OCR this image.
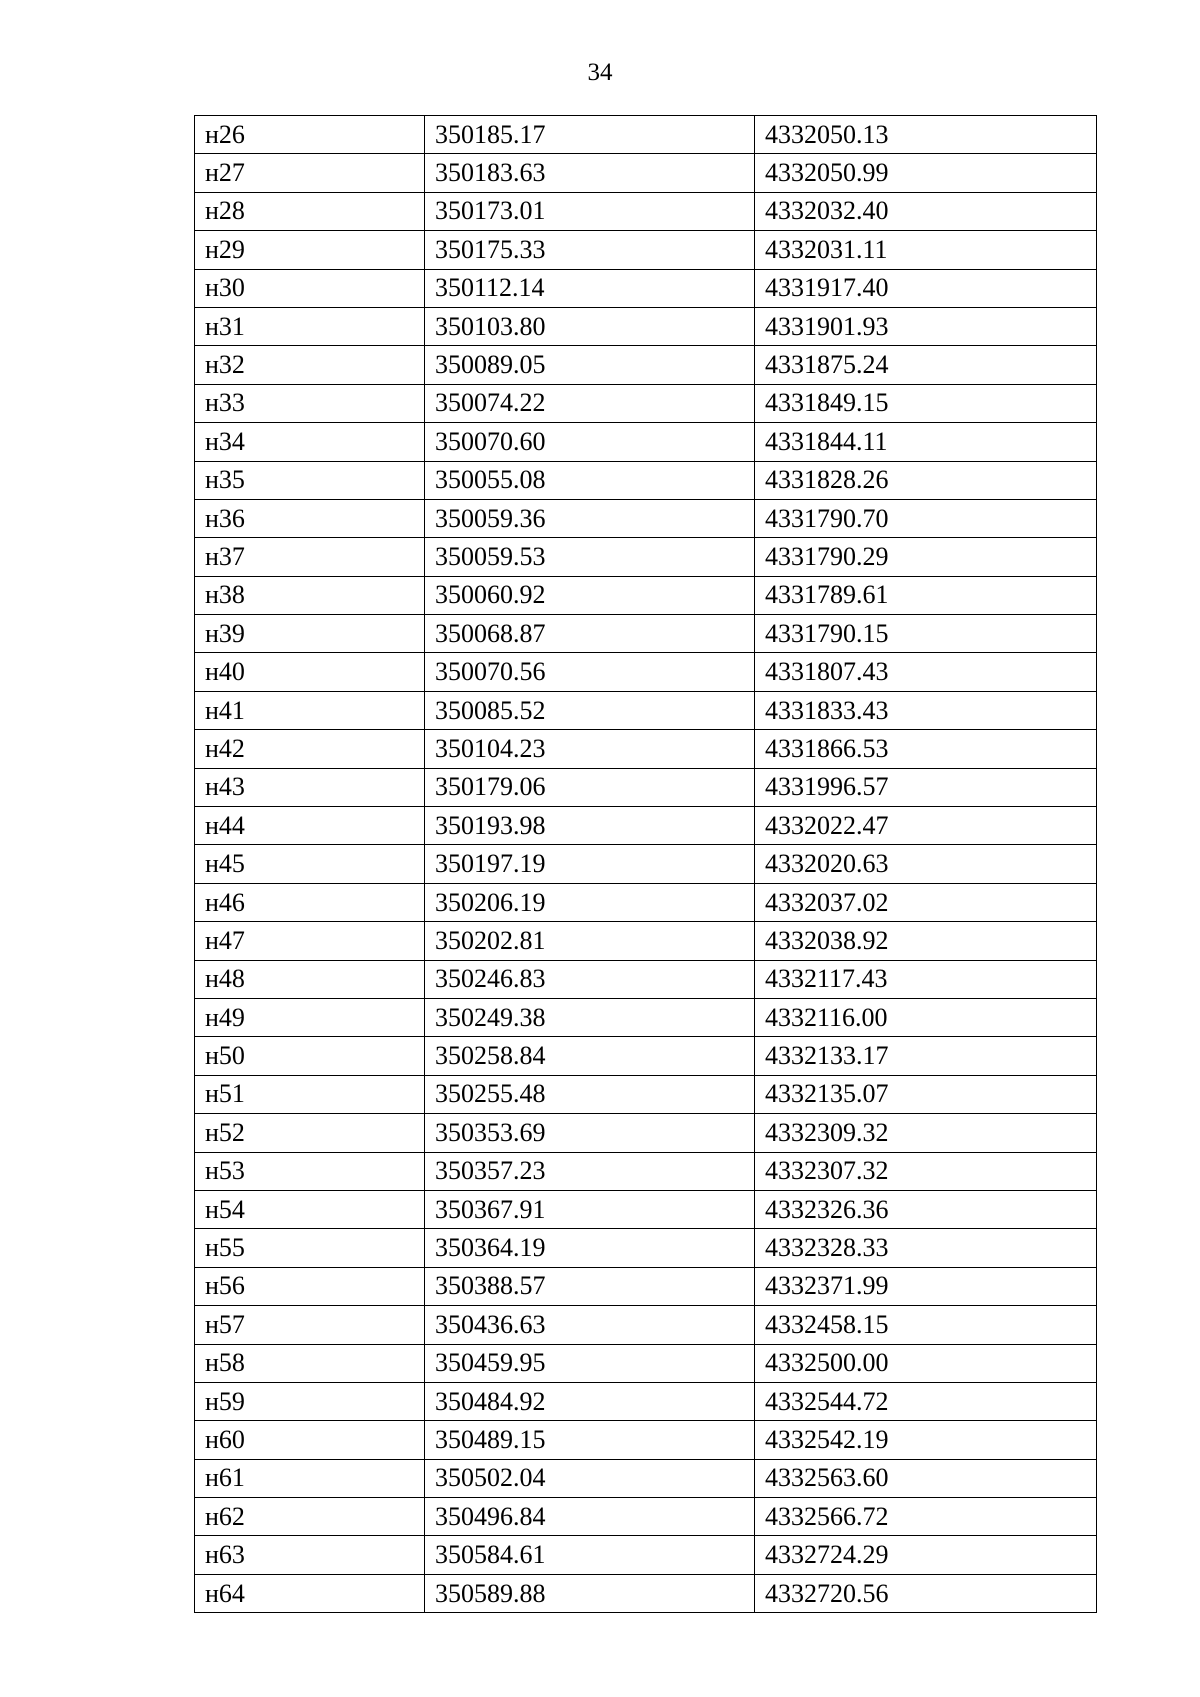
34
н26	350185.17	4332050.13
н27	350183.63	4332050.99
н28	350173.01	4332032.40
н29	350175.33	4332031.11
н30	350112.14	4331917.40
н31	350103.80	4331901.93
н32	350089.05	4331875.24
н33	350074.22	4331849.15
н34	350070.60	4331844.11
н35	350055.08	4331828.26
н36	350059.36	4331790.70
н37	350059.53	4331790.29
н38	350060.92	4331789.61
н39	350068.87	4331790.15
н40	350070.56	4331807.43
н41	350085.52	4331833.43
н42	350104.23	4331866.53
н43	350179.06	4331996.57
н44	350193.98	4332022.47
н45	350197.19	4332020.63
н46	350206.19	4332037.02
н47	350202.81	4332038.92
н48	350246.83	4332117.43
н49	350249.38	4332116.00
н50	350258.84	4332133.17
н51	350255.48	4332135.07
н52	350353.69	4332309.32
н53	350357.23	4332307.32
н54	350367.91	4332326.36
н55	350364.19	4332328.33
н56	350388.57	4332371.99
н57	350436.63	4332458.15
н58	350459.95	4332500.00
н59	350484.92	4332544.72
н60	350489.15	4332542.19
н61	350502.04	4332563.60
н62	350496.84	4332566.72
н63	350584.61	4332724.29
н64	350589.88	4332720.56
